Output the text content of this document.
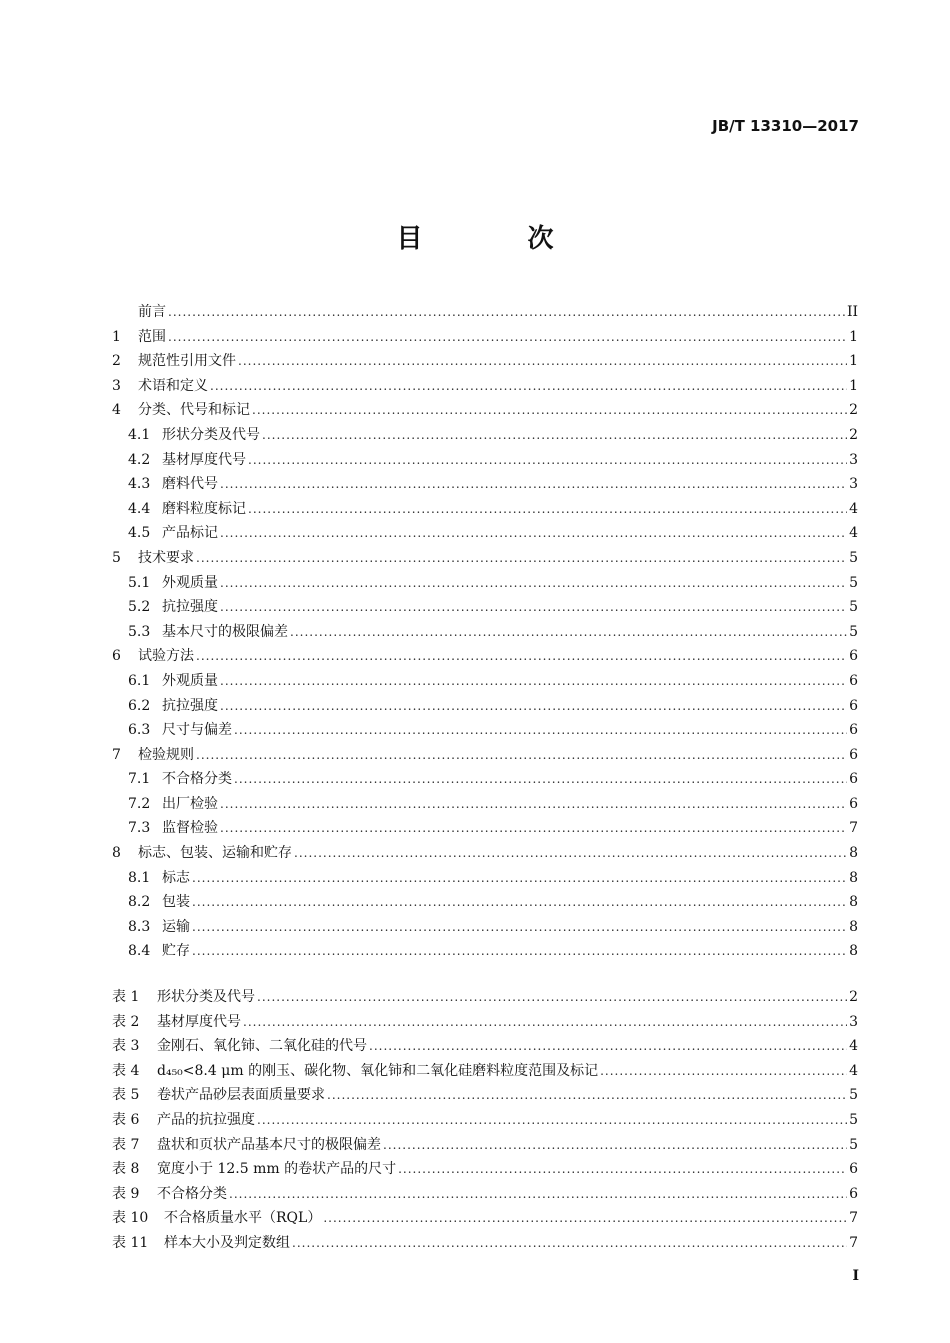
JB/T 13310—2017
目 次
前言 .....	II
1	范围 .....	1
2	规范性引用文件 .....	1
3	术语和定义 .....	1
4	分类、代号和标记 .....	2
4.1 形状分类及代号 .....	2
4.2 基材厚度代号 .....	3
4.3 磨料代号 .....	3
4.4 磨料粒度标记 .....	4
4.5 产品标记 .....	4
5	技术要求 .....	5
5.1 外观质量 .....	5
5.2 抗拉强度 .....	5
5.3 基本尺寸的极限偏差 .....	5
6	试验方法 .....	6
6.1 外观质量 .....	6
6.2 抗拉强度 .....	6
6.3 尺寸与偏差 .....	6
7	检验规则 .....	6
7.1 不合格分类 .....	6
7.2 出厂检验 .....	6
7.3 监督检验 .....	7
8	标志、包装、运输和贮存 .....	8
8.1 标志 .....	8
8.2 包装 .....	8
8.3 运输 .....	8
8.4 贮存 .....	8
表 1	形状分类及代号 .....	2
表 2	基材厚度代号 .....	3
表 3	金刚石、氧化铈、二氧化硅的代号 .....	4
表 4	d₄₅₀<8.4 μm 的刚玉、碳化物、氧化铈和二氧化硅磨料粒度范围及标记 .....	4
表 5	卷状产品砂层表面质量要求 .....	5
表 6	产品的抗拉强度 .....	5
表 7	盘状和页状产品基本尺寸的极限偏差 .....	5
表 8	宽度小于 12.5 mm 的卷状产品的尺寸 .....	6
表 9	不合格分类 .....	6
表 10	不合格质量水平（RQL） .....	7
表 11	样本大小及判定数组 .....	7
I
